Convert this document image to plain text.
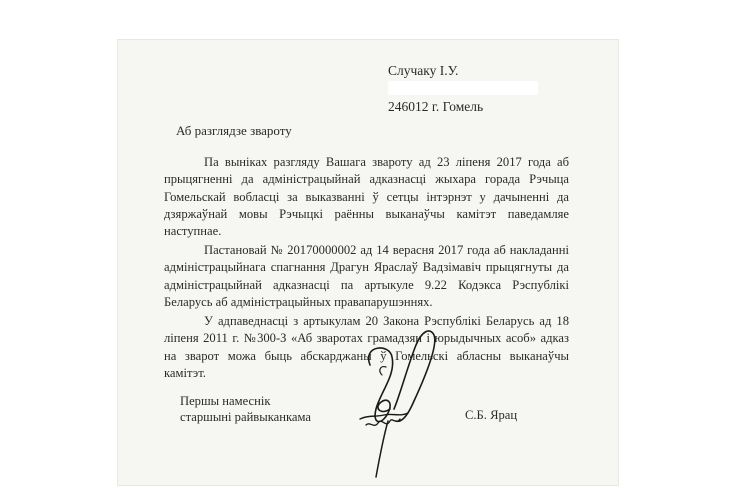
Случаку І.У.

246012 г. Гомель
Аб разглядзе звароту

Па выніках разгляду Вашага звароту ад 23 ліпеня 2017 года аб прыцягненні да адміністрацыйнай адказнасці жыхара горада Рэчыца Гомельскай вобласці за выказванні ў сетцы інтэрнэт у дачыненні да дзяржаўнай мовы Рэчыцкі раённы выканаўчы камітэт паведамляе наступнае.

Пастановай № 20170000002 ад 14 верасня 2017 года аб накладанні адміністрацыйнага спагнання Драгун Яраслаў Вадзімавіч прыцягнуты да адміністрацыйнай адказнасці па артыкуле 9.22 Кодэкса Рэспублікі Беларусь аб адміністрацыйных правапарушэннях.

У адпаведнасці з артыкулам 20 Закона Рэспублікі Беларусь ад 18 ліпеня 2011 г. №300-З «Аб зваротах грамадзян і юрыдычных асоб» адказ на зварот можа быць абскарджаны ў Гомельскі абласны выканаўчы камітэт.

Першы намеснік
старшыні райвыканкама	С.Б. Ярац
